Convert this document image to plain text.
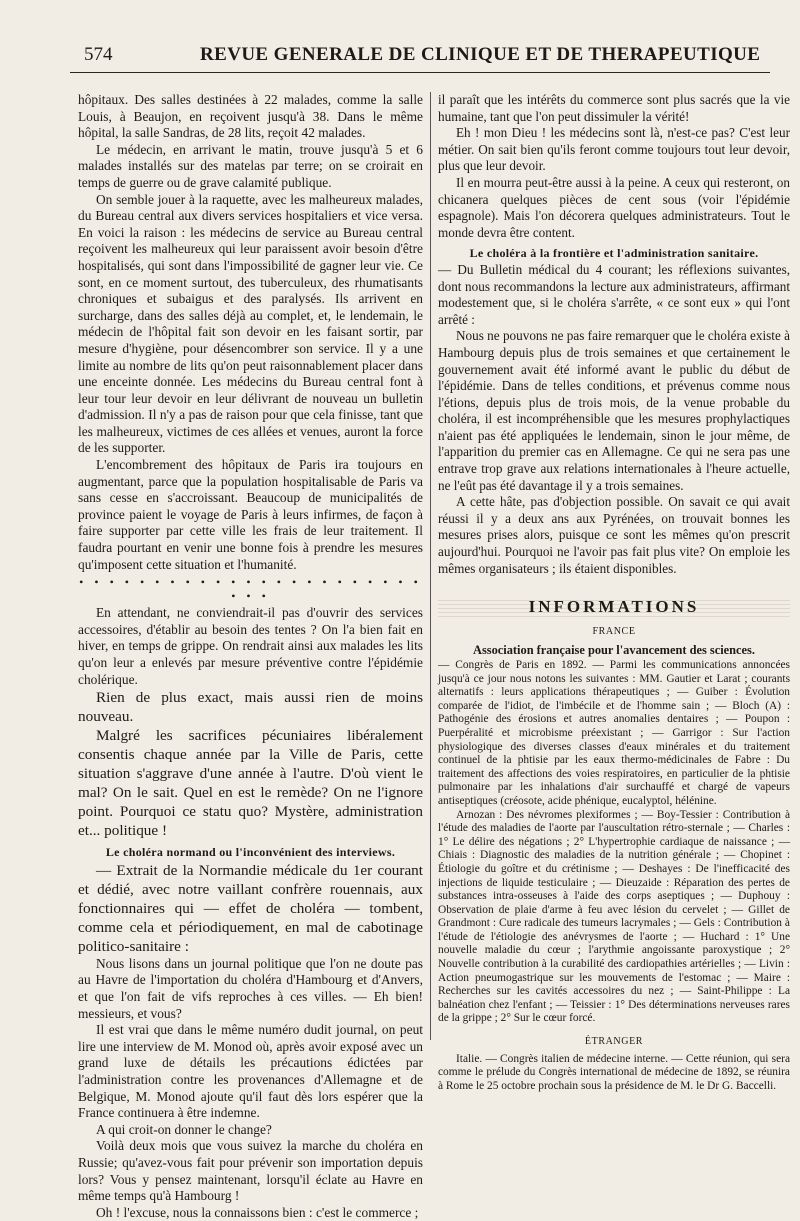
574	REVUE GENERALE DE CLINIQUE ET DE THERAPEUTIQUE

hôpitaux. Des salles destinées à 22 malades, comme la salle Louis, à Beaujon, en reçoivent jusqu'à 38. Dans le même hôpital, la salle Sandras, de 28 lits, reçoit 42 malades.

Le médecin, en arrivant le matin, trouve jusqu'à 5 et 6 malades installés sur des matelas par terre; on se croirait en temps de guerre ou de grave calamité publique.

On semble jouer à la raquette, avec les malheureux malades, du Bureau central aux divers services hospitaliers et vice versa. En voici la raison : les médecins de service au Bureau central reçoivent les malheureux qui leur paraissent avoir besoin d'être hospitalisés, qui sont dans l'impossibilité de gagner leur vie. Ce sont, en ce moment surtout, des tuberculeux, des rhumatisants chroniques et subaigus et des paralysés. Ils arrivent en surcharge, dans des salles déjà au complet, et, le lendemain, le médecin de l'hôpital fait son devoir en les faisant sortir, par mesure d'hygiène, pour désencombrer son service. Il y a une limite au nombre de lits qu'on peut raisonnablement placer dans une enceinte donnée. Les médecins du Bureau central font à leur tour leur devoir en leur délivrant de nouveau un bulletin d'admission. Il n'y a pas de raison pour que cela finisse, tant que les malheureux, victimes de ces allées et venues, auront la force de les supporter.

L'encombrement des hôpitaux de Paris ira toujours en augmentant, parce que la population hospitalisable de Paris va sans cesse en s'accroissant. Beaucoup de municipalités de province paient le voyage de Paris à leurs infirmes, de façon à faire supporter par cette ville les frais de leur traitement. Il faudra pourtant en venir une bonne fois à prendre les mesures qu'imposent cette situation et l'humanité.

• • • • • • • • • • • • • • • • • • • • • • • • • •

En attendant, ne conviendrait-il pas d'ouvrir des services accessoires, d'établir au besoin des tentes ? On l'a bien fait en hiver, en temps de grippe. On rendrait ainsi aux malades les lits qu'on leur a enlevés par mesure préventive contre l'épidémie cholérique.

Rien de plus exact, mais aussi rien de moins nouveau.

Malgré les sacrifices pécuniaires libéralement consentis chaque année par la Ville de Paris, cette situation s'aggrave d'une année à l'autre. D'où vient le mal? On le sait. Quel en est le remède? On ne l'ignore point. Pourquoi ce statu quo? Mystère, administration et... politique !

Le choléra normand ou l'inconvénient des interviews.

— Extrait de la Normandie médicale du 1er courant et dédié, avec notre vaillant confrère rouennais, aux fonctionnaires qui — effet de choléra — tombent, comme cela et périodiquement, en mal de cabotinage politico-sanitaire :

Nous lisons dans un journal politique que l'on ne doute pas au Havre de l'importation du choléra d'Hambourg et d'Anvers, et que l'on fait de vifs reproches à ces villes. — Eh bien! messieurs, et vous?

Il est vrai que dans le même numéro dudit journal, on peut lire une interview de M. Monod où, après avoir exposé avec un grand luxe de détails les précautions édictées par l'administration contre les provenances d'Allemagne et de Belgique, M. Monod ajoute qu'il faut dès lors espérer que la France continuera à être indemne.

A qui croit-on donner le change?

Voilà deux mois que vous suivez la marche du choléra en Russie; qu'avez-vous fait pour prévenir son importation depuis lors? Vous y pensez maintenant, lorsqu'il éclate au Havre en même temps qu'à Hambourg !

Oh ! l'excuse, nous la connaissons bien : c'est le commerce ;

il paraît que les intérêts du commerce sont plus sacrés que la vie humaine, tant que l'on peut dissimuler la vérité!

Eh ! mon Dieu ! les médecins sont là, n'est-ce pas? C'est leur métier. On sait bien qu'ils feront comme toujours tout leur devoir, plus que leur devoir.

Il en mourra peut-être aussi à la peine. A ceux qui resteront, on chicanera quelques pièces de cent sous (voir l'épidémie espagnole). Mais l'on décorera quelques administrateurs. Tout le monde devra être content.

Le choléra à la frontière et l'administration sanitaire.

— Du Bulletin médical du 4 courant; les réflexions suivantes, dont nous recommandons la lecture aux administrateurs, affirmant modestement que, si le choléra s'arrête, « ce sont eux » qui l'ont arrêté :

Nous ne pouvons ne pas faire remarquer que le choléra existe à Hambourg depuis plus de trois semaines et que certainement le gouvernement avait été informé avant le public du début de l'épidémie. Dans de telles conditions, et prévenus comme nous l'étions, depuis plus de trois mois, de la venue probable du choléra, il est incompréhensible que les mesures prophylactiques n'aient pas été appliquées le lendemain, sinon le jour même, de l'apparition du premier cas en Allemagne. Ce qui ne sera pas une entrave trop grave aux relations internationales à l'heure actuelle, ne l'eût pas été davantage il y a trois semaines.

A cette hâte, pas d'objection possible. On savait ce qui avait réussi il y a deux ans aux Pyrénées, on trouvait bonnes les mesures prises alors, puisque ce sont les mêmes qu'on prescrit aujourd'hui. Pourquoi ne l'avoir pas fait plus vite? On emploie les mêmes organisateurs ; ils étaient disponibles.

INFORMATIONS
FRANCE
Association française pour l'avancement des sciences.

— Congrès de Paris en 1892. — Parmi les communications annoncées jusqu'à ce jour nous notons les suivantes : MM. Gautier et Larat ; courants alternatifs : leurs applications thérapeutiques ; — Guiber : Évolution comparée de l'idiot, de l'imbécile et de l'homme sain ; — Bloch (A) : Pathogénie des érosions et autres anomalies dentaires ; — Poupon : Puerpéralité et microbisme préexistant ; — Garrigor : Sur l'action physiologique des diverses classes d'eaux minérales et du traitement continuel de la phtisie par les eaux thermo-médicinales de Fabre : Du traitement des affections des voies respiratoires, en particulier de la phtisie pulmonaire par les inhalations d'air surchauffé et chargé de vapeurs antiseptiques (créosote, acide phénique, eucalyptol, hélénine.

Arnozan : Des névromes plexiformes ; — Boy-Tessier : Contribution à l'étude des maladies de l'aorte par l'auscultation rétro-sternale ; — Charles : 1° Le délire des négations ; 2° L'hypertrophie cardiaque de naissance ; — Chiais : Diagnostic des maladies de la nutrition générale ; — Chopinet : Étiologie du goître et du crétinisme ; — Deshayes : De l'inefficacité des injections de liquide testiculaire ; — Dieuzaide : Réparation des pertes de substances intra-osseuses à l'aide des corps aseptiques ; — Duphouy : Observation de plaie d'arme à feu avec lésion du cervelet ; — Gillet de Grandmont : Cure radicale des tumeurs lacrymales ; — Gels : Contribution à l'étude de l'étiologie des anévrysmes de l'aorte ; — Huchard : 1° Une nouvelle maladie du cœur ; l'arythmie angoissante paroxystique ; 2° Nouvelle contribution à la curabilité des cardiopathies artérielles ; — Livin : Action pneumogastrique sur les mouvements de l'estomac ; — Maire : Recherches sur les cavités accessoires du nez ; — Saint-Philippe : La balnéation chez l'enfant ; — Teissier : 1° Des déterminations nerveuses rares de la grippe ; 2° Sur le cœur forcé.

ÉTRANGER

Italie. — Congrès italien de médecine interne. — Cette réunion, qui sera comme le prélude du Congrès international de médecine de 1892, se réunira à Rome le 25 octobre prochain sous la présidence de M. le Dr G. Baccelli.
